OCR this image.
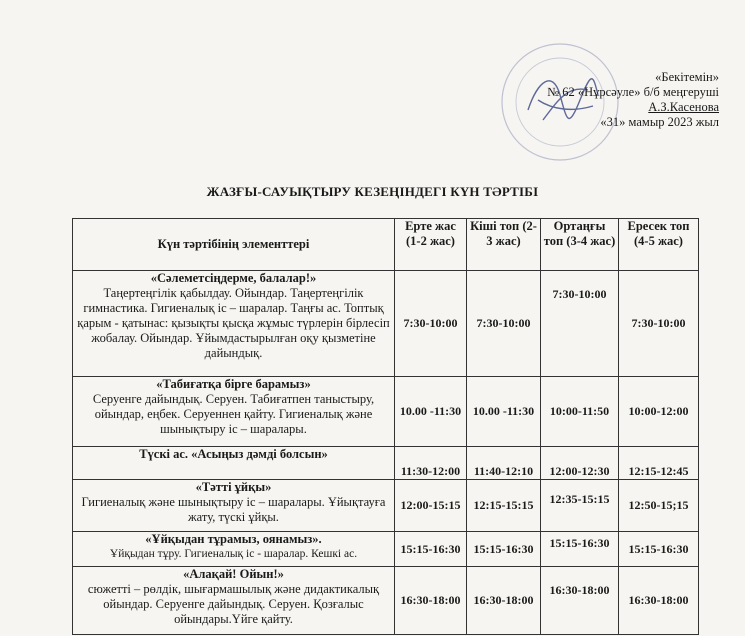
«Бекітемін»
№ 62 «Нұрсәуле» б/б меңгеруші
А.З.Касенова
«31» мамыр 2023 жыл
ЖАЗҒЫ-САУЫҚТЫРУ КЕЗЕҢІНДЕГІ КҮН ТӘРТІБІ
Күн тәртібінің элементтері	Ерте жас (1-2 жас)	Кіші топ (2-3 жас)	Ортаңғы топ (3-4 жас)	Ересек топ (4-5 жас)

«Сәлеметсіңдерме, балалар!»
Таңертеңгілік қабылдау. Ойындар. Таңертеңгілік гимнастика. Гигиеналық іс – шаралар. Таңғы ас. Топтық қарым - қатынас: қызықты қысқа жұмыс түрлерін бірлесіп жобалау. Ойындар. Ұйымдастырылған оқу қызметіне дайындық.	7:30-10:00	7:30-10:00	7:30-10:00	7:30-10:00

«Табиғатқа бірге барамыз»
Серуенге дайындық. Серуен. Табиғатпен таныстыру, ойындар, еңбек. Серуеннен қайту. Гигиеналық және шынықтыру іс – шаралары.	10.00 -11:30	10.00 -11:30	10:00-11:50	10:00-12:00

Түскі ас. «Асыңыз дәмді болсын»	11:30-12:00	11:40-12:10	12:00-12:30	12:15-12:45

«Тәтті ұйқы»
Гигиеналық және шынықтыру іс – шаралары. Ұйықтауға жату, түскі ұйқы.	12:00-15:15	12:15-15:15	12:35-15:15	12:50-15;15

«Ұйқыдан тұрамыз, оянамыз».
Ұйқыдан тұру. Гигиеналық іс - шаралар. Кешкі ас.	15:15-16:30	15:15-16:30	15:15-16:30	15:15-16:30

«Алақай! Ойын!»
сюжетті – рөлдік, шығармашылық және дидактикалық ойындар. Серуенге дайындық. Серуен. Қозғалыс ойындары.Үйге қайту.	16:30-18:00	16:30-18:00	16:30-18:00	16:30-18:00
